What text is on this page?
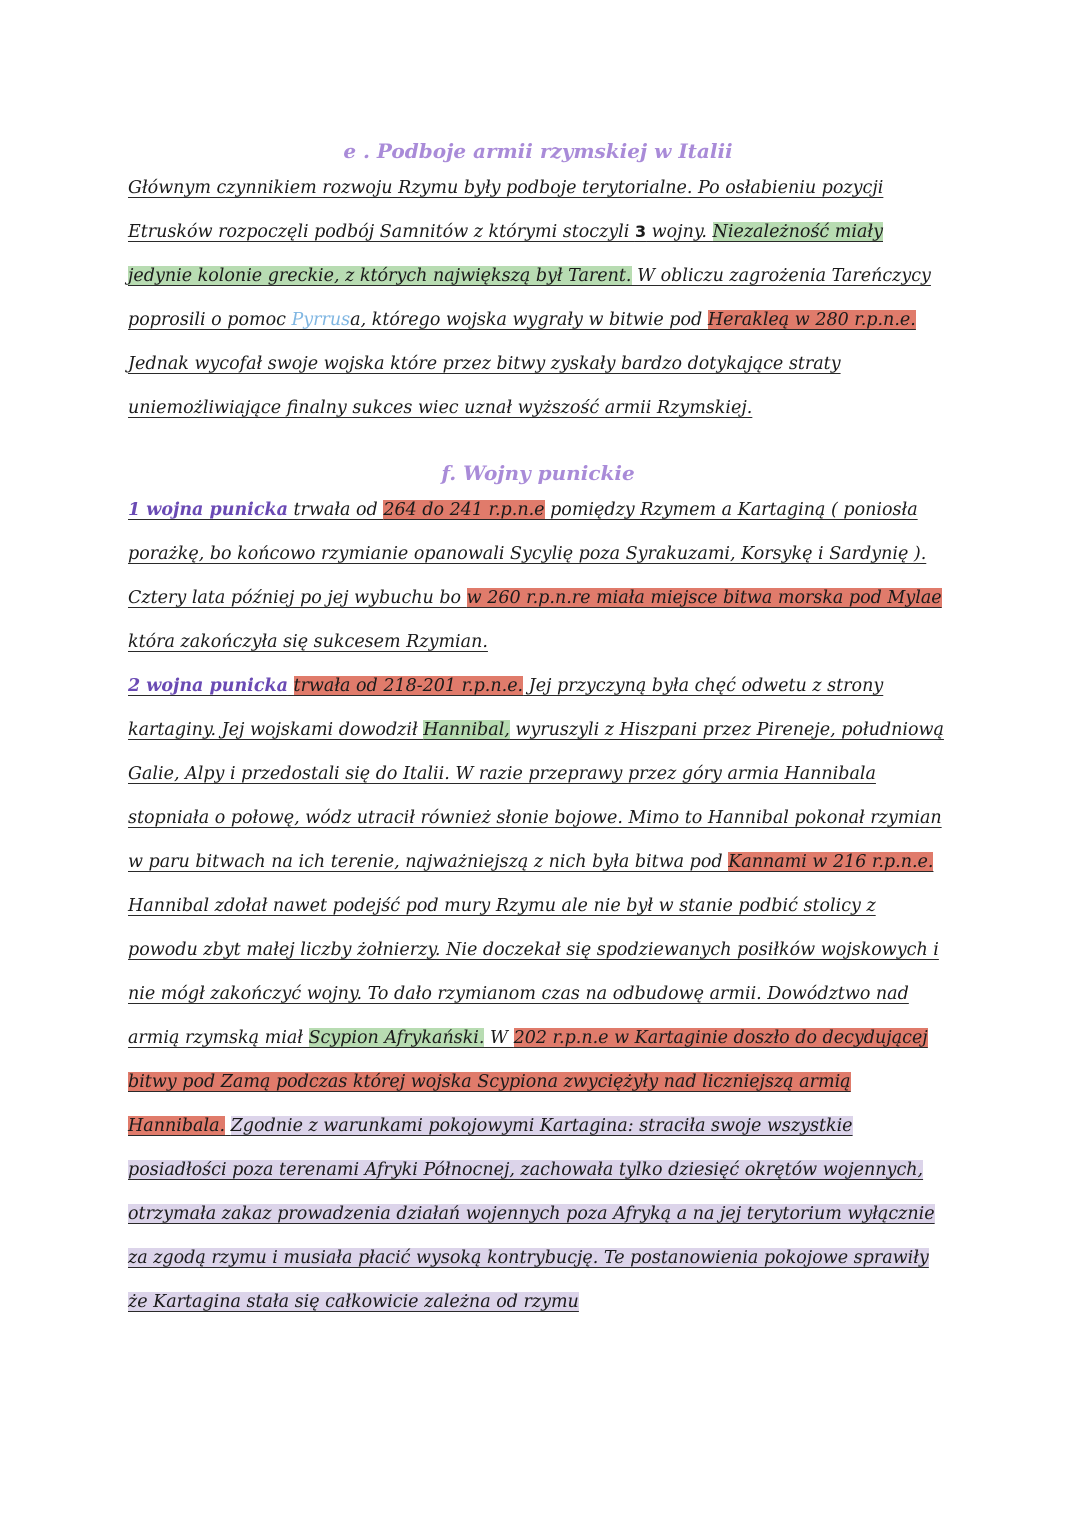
e . Podboje armii rzymskiej w Italii

Głównym czynnikiem rozwoju Rzymu były podboje terytorialne. Po osłabieniu pozycji Etrusków rozpoczęli podbój Samnitów z którymi stoczyli 3 wojny. Niezależność miały jedynie kolonie greckie, z których największą był Tarent. W obliczu zagrożenia Tareńczycy poprosili o pomoc Pyrrusa, którego wojska wygrały w bitwie pod Herakleą w 280 r.p.n.e. Jednak wycofał swoje wojska które przez bitwy zyskały bardzo dotykające straty uniemożliwiające finalny sukces wiec uznał wyższość armii Rzymskiej.

f. Wojny punickie

1 wojna punicka trwała od 264 do 241 r.p.n.e pomiędzy Rzymem a Kartaginą ( poniosła porażkę, bo końcowo rzymianie opanowali Sycylię poza Syrakuzami, Korsykę i Sardynię ). Cztery lata później po jej wybuchu bo w 260 r.p.n.re miała miejsce bitwa morska pod Mylae która zakończyła się sukcesem Rzymian.
2 wojna punicka trwała od 218-201 r.p.n.e. Jej przyczyną była chęć odwetu z strony kartaginy. Jej wojskami dowodził Hannibal, wyruszyli z Hiszpani przez Pireneje, południową Galie, Alpy i przedostali się do Italii. W razie przeprawy przez góry armia Hannibala stopniała o połowę, wódz utracił również słonie bojowe. Mimo to Hannibal pokonał rzymian w paru bitwach na ich terenie, najważniejszą z nich była bitwa pod Kannami w 216 r.p.n.e. Hannibal zdołał nawet podejść pod mury Rzymu ale nie był w stanie podbić stolicy z powodu zbyt małej liczby żołnierzy. Nie doczekał się spodziewanych posiłków wojskowych i nie mógł zakończyć wojny. To dało rzymianom czas na odbudowę armii. Dowództwo nad armią rzymską miał Scypion Afrykański. W 202 r.p.n.e w Kartaginie doszło do decydującej bitwy pod Zamą podczas której wojska Scypiona zwyciężyły nad liczniejszą armią Hannibala. Zgodnie z warunkami pokojowymi Kartagina: straciła swoje wszystkie posiadłości poza terenami Afryki Północnej, zachowała tylko dziesięć okrętów wojennych, otrzymała zakaz prowadzenia działań wojennych poza Afryką a na jej terytorium wyłącznie za zgodą rzymu i musiała płacić wysoką kontrybucję. Te postanowienia pokojowe sprawiły że Kartagina stała się całkowicie zależna od rzymu
